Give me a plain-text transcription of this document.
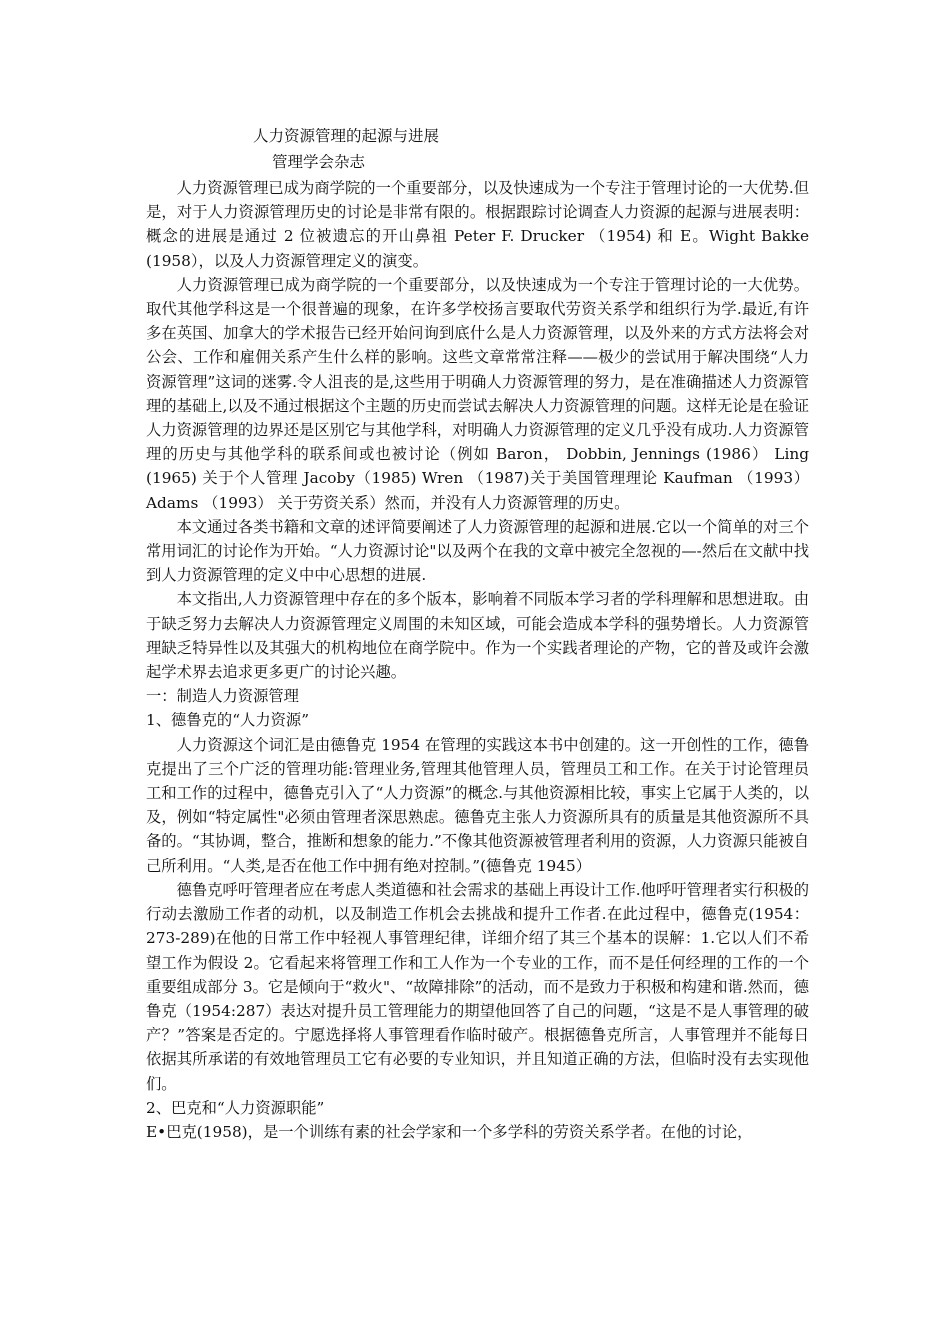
人力资源管理的起源与进展
管理学会杂志

人力资源管理已成为商学院的一个重要部分，以及快速成为一个专注于管理讨论的一大优势.但是，对于人力资源管理历史的讨论是非常有限的。根据跟踪讨论调查人力资源的起源与进展表明：概念的进展是通过 2 位被遗忘的开山鼻祖 Peter F. Drucker （1954) 和 E。Wight Bakke (1958），以及人力资源管理定义的演变。

人力资源管理已成为商学院的一个重要部分，以及快速成为一个专注于管理讨论的一大优势。取代其他学科这是一个很普遍的现象，在许多学校扬言要取代劳资关系学和组织行为学.最近,有许多在英国、加拿大的学术报告已经开始问询到底什么是人力资源管理，以及外来的方式方法将会对公会、工作和雇佣关系产生什么样的影响。这些文章常常注释——极少的尝试用于解决围绕“人力资源管理”这词的迷雾.令人沮丧的是,这些用于明确人力资源管理的努力，是在准确描述人力资源管理的基础上,以及不通过根据这个主题的历史而尝试去解决人力资源管理的问题。这样无论是在验证人力资源管理的边界还是区别它与其他学科，对明确人力资源管理的定义几乎没有成功.人力资源管理的历史与其他学科的联系间或也被讨论（例如 Baron， Dobbin, Jennings (1986） Ling (1965) 关于个人管理 Jacoby（1985) Wren （1987)关于美国管理理论 Kaufman （1993） Adams （1993） 关于劳资关系）然而，并没有人力资源管理的历史。

本文通过各类书籍和文章的述评简要阐述了人力资源管理的起源和进展.它以一个简单的对三个常用词汇的讨论作为开始。“人力资源讨论"以及两个在我的文章中被完全忽视的—-然后在文献中找到人力资源管理的定义中中心思想的进展.

本文指出,人力资源管理中存在的多个版本，影响着不同版本学习者的学科理解和思想进取。由于缺乏努力去解决人力资源管理定义周围的未知区域，可能会造成本学科的强势增长。人力资源管理缺乏特异性以及其强大的机构地位在商学院中。作为一个实践者理论的产物，它的普及或许会激起学术界去追求更多更广的讨论兴趣。

一：制造人力资源管理

1、德鲁克的“人力资源”

人力资源这个词汇是由德鲁克 1954 在管理的实践这本书中创建的。这一开创性的工作，德鲁克提出了三个广泛的管理功能:管理业务,管理其他管理人员，管理员工和工作。在关于讨论管理员工和工作的过程中，德鲁克引入了“人力资源”的概念.与其他资源相比较，事实上它属于人类的，以及，例如“特定属性"必须由管理者深思熟虑。德鲁克主张人力资源所具有的质量是其他资源所不具备的。“其协调，整合，推断和想象的能力.”不像其他资源被管理者利用的资源，人力资源只能被自己所利用。“人类,是否在他工作中拥有绝对控制。”(德鲁克 1945）

德鲁克呼吁管理者应在考虑人类道德和社会需求的基础上再设计工作.他呼吁管理者实行积极的行动去激励工作者的动机，以及制造工作机会去挑战和提升工作者.在此过程中，德鲁克(1954： 273-289)在他的日常工作中轻视人事管理纪律，详细介绍了其三个基本的误解：1.它以人们不希望工作为假设 2。它看起来将管理工作和工人作为一个专业的工作，而不是任何经理的工作的一个重要组成部分 3。它是倾向于“救火"、“故障排除”的活动，而不是致力于积极和构建和谐.然而，德鲁克（1954:287）表达对提升员工管理能力的期望他回答了自己的问题，“这是不是人事管理的破产？”答案是否定的。宁愿选择将人事管理看作临时破产。根据德鲁克所言，人事管理并不能每日依据其所承诺的有效地管理员工它有必要的专业知识，并且知道正确的方法，但临时没有去实现他们。

2、巴克和“人力资源职能”

E•巴克(1958)，是一个训练有素的社会学家和一个多学科的劳资关系学者。在他的讨论，
